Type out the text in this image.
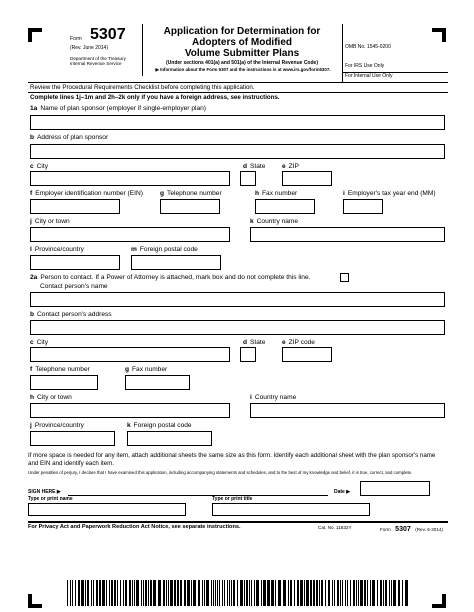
Form 5307
(Rev. June 2014)
Department of the Treasury
Internal Revenue Service
Application for Determination for
Adopters of Modified
Volume Submitter Plans
(Under sections 401(a) and 501(a) of the Internal Revenue Code)
▶ Information about the Form 5307 and the instructions is at www.irs.gov/form5307.
OMB No. 1545-0200
For IRS Use Only
For Internal Use Only
Review the Procedural Requirements Checklist before completing this application.
Complete lines 1j–1m and 2h–2k only if you have a foreign address, see instructions.
1a Name of plan sponsor (employer if single-employer plan)
b Address of plan sponsor
c City	d State	e ZIP
f Employer identification number (EIN)	g Telephone number	h Fax number	i Employer's tax year end (MM)
j City or town	k Country name
l Province/country	m Foreign postal code
2a Person to contact. If a Power of Attorney is attached, mark box and do not complete this line.
Contact person's name
b Contact person's address
c City	d State	e ZIP code
f Telephone number	g Fax number
h City or town	i Country name
j Province/country	k Foreign postal code
If more space is needed for any item, attach additional sheets the same size as this form. Identify each additional sheet with the plan sponsor's name and EIN and identify each item.
Under penalties of perjury, I declare that I have examined this application, including accompanying statements and schedules, and to the best of my knowledge and belief, it is true, correct, and complete.
SIGN HERE ▶	Date ▶
Type or print name	Type or print title
For Privacy Act and Paperwork Reduction Act Notice, see separate instructions.	Cat. No. 11832Y	Form 5307 (Rev. 6-2014)
